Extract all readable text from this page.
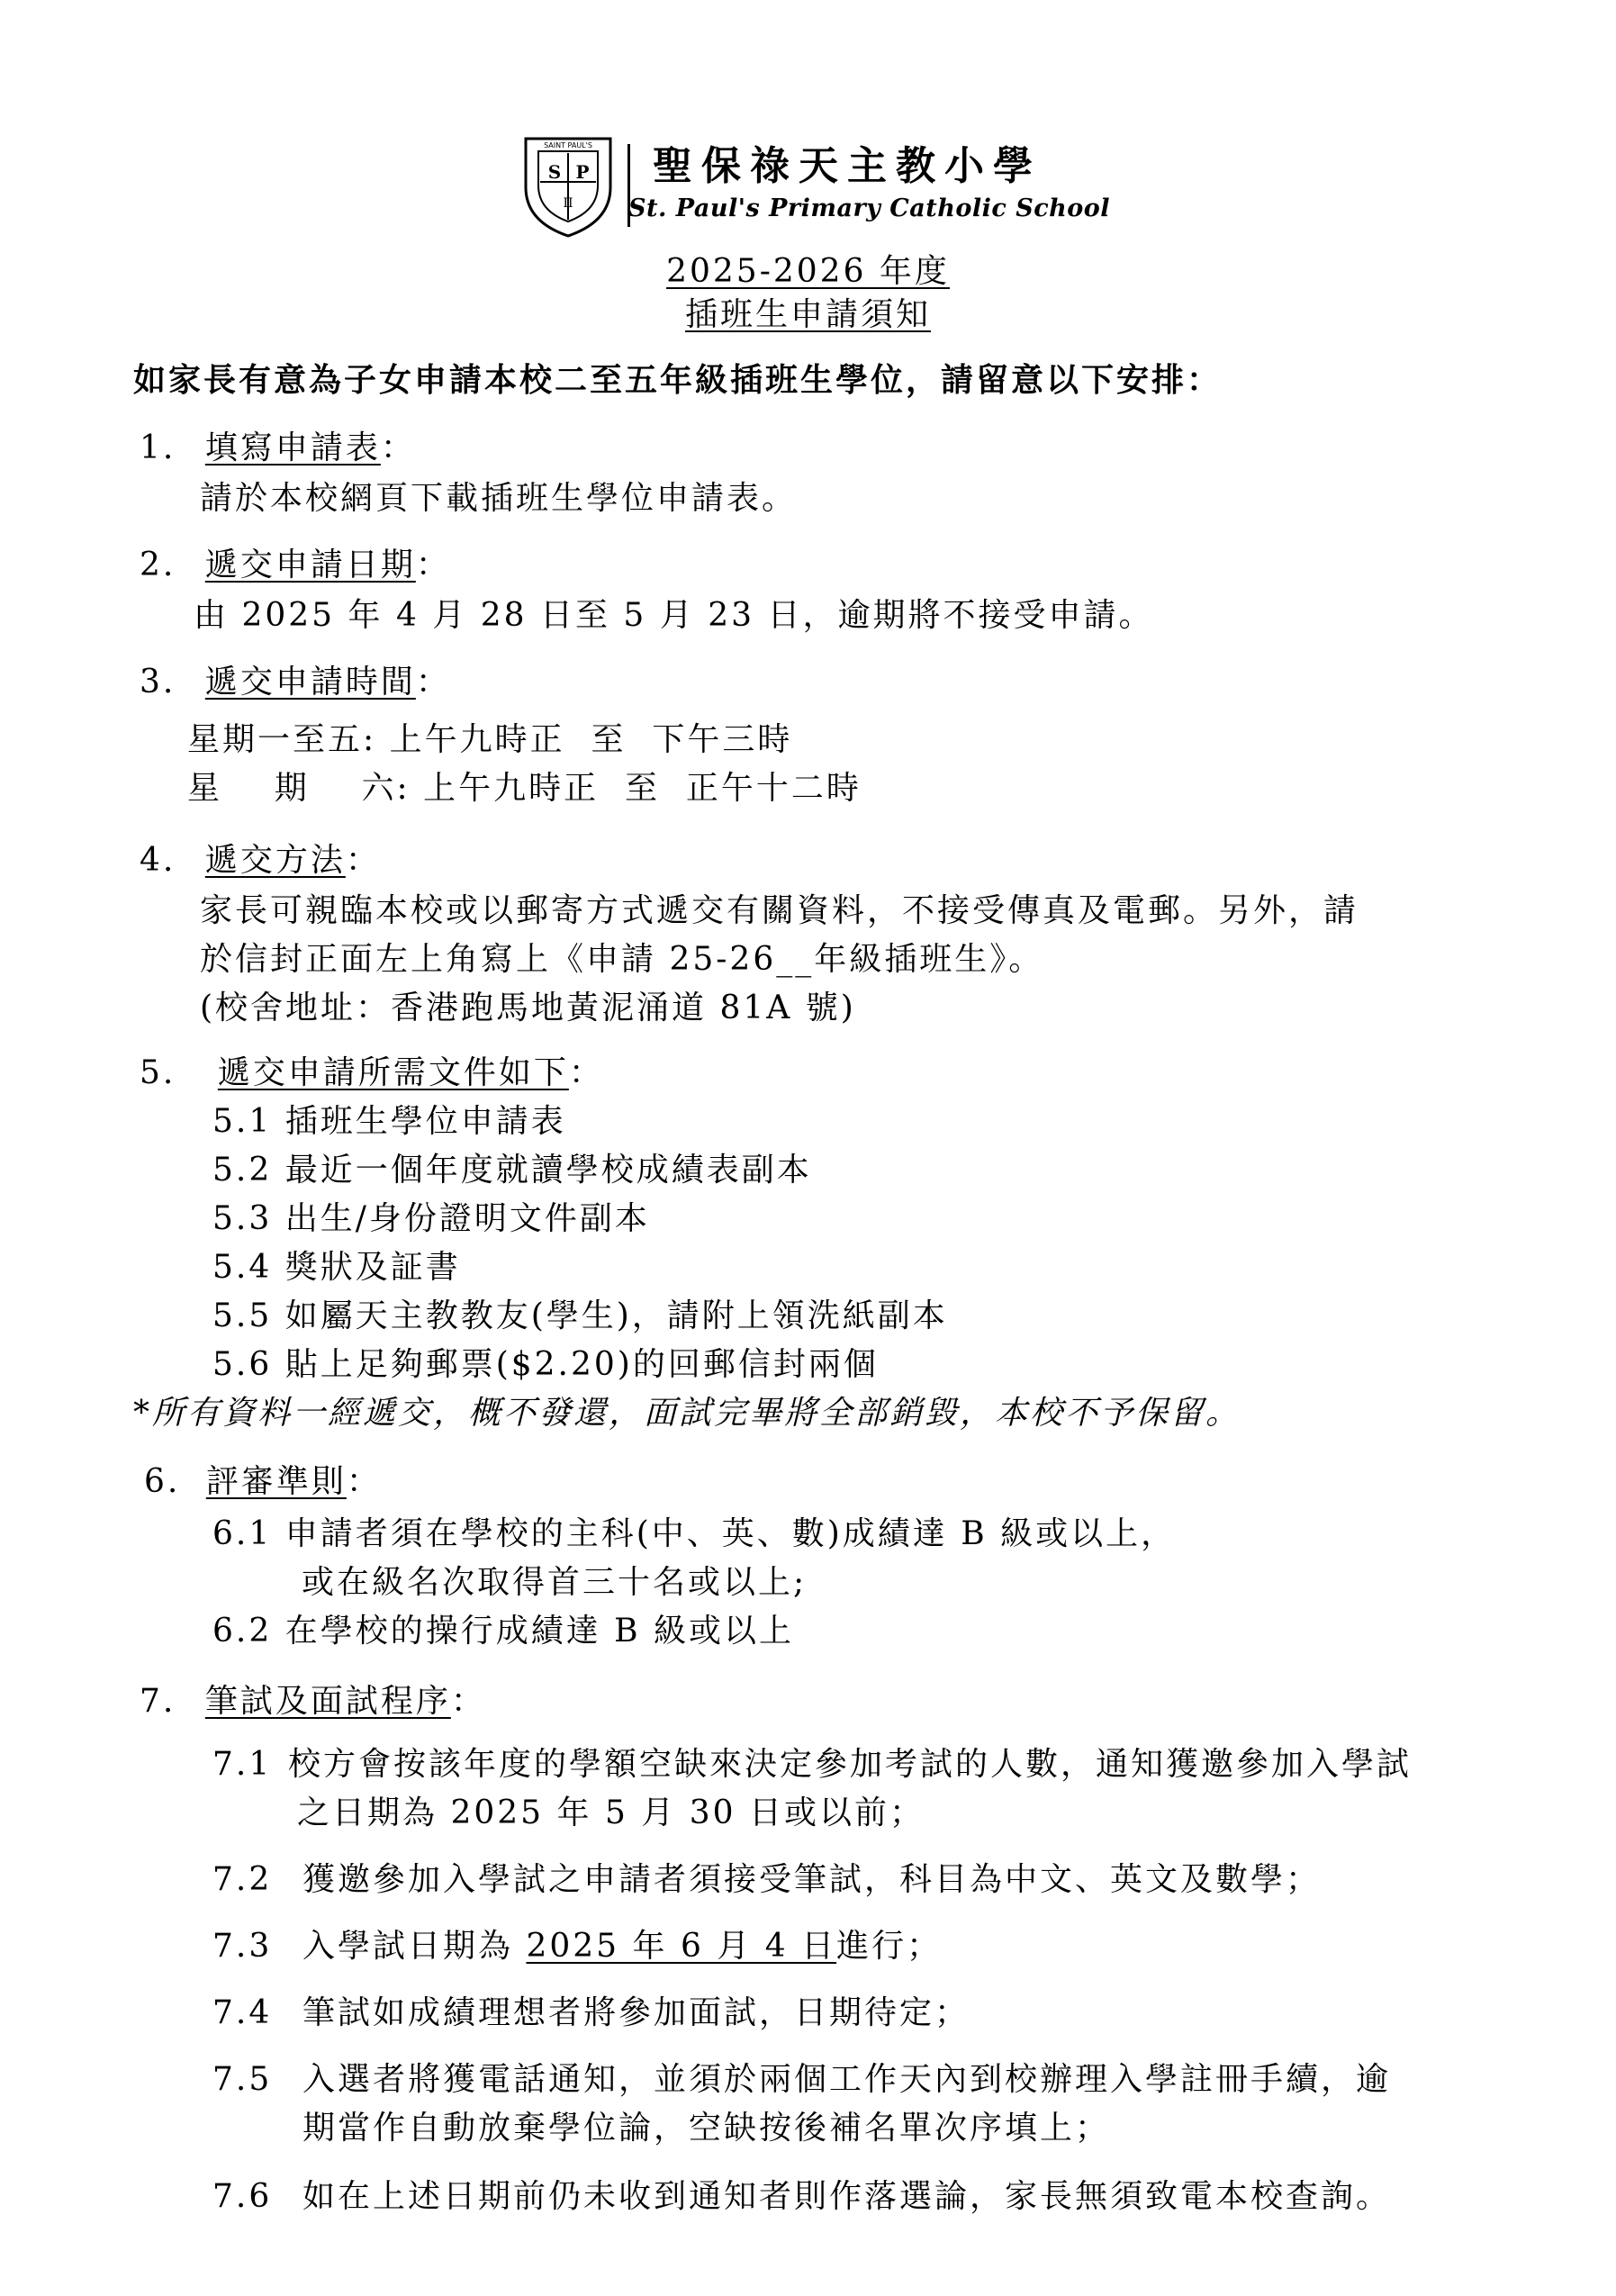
S P
II
SAINT PAUL'S 聖保祿天主教小學
St. Paul's Primary Catholic School
2025-2026 年度
插班生申請須知
如家長有意為子女申請本校二至五年級插班生學位，請留意以下安排：
1. 填寫申請表：
請於本校網頁下載插班生學位申請表。
2. 遞交申請日期：
由 2025 年 4 月 28 日至 5 月 23 日，逾期將不接受申請。
3. 遞交申請時間：
星期一至五: 上午九時正  至  下午三時
星    期    六: 上午九時正  至  正午十二時
4. 遞交方法：
家長可親臨本校或以郵寄方式遞交有關資料，不接受傳真及電郵。另外，請
於信封正面左上角寫上《申請 25-26__年級插班生》。
(校舍地址：香港跑馬地黃泥涌道 81A 號)
5. 遞交申請所需文件如下：
5.1 插班生學位申請表
5.2 最近一個年度就讀學校成績表副本
5.3 出生/身份證明文件副本
5.4 獎狀及証書
5.5 如屬天主教教友(學生)，請附上領洗紙副本
5.6 貼上足夠郵票($2.20)的回郵信封兩個
*所有資料一經遞交，概不發還，面試完畢將全部銷毀，本校不予保留。
6. 評審準則：
6.1 申請者須在學校的主科(中、英、數)成績達 B 級或以上，
或在級名次取得首三十名或以上;
6.2 在學校的操行成績達 B 級或以上
7. 筆試及面試程序：
7.1 校方會按該年度的學額空缺來決定參加考試的人數，通知獲邀參加入學試
之日期為 2025 年 5 月 30 日或以前；
7.2 獲邀參加入學試之申請者須接受筆試，科目為中文、英文及數學；
7.3 入學試日期為 2025 年 6 月 4 日進行；
7.4 筆試如成績理想者將參加面試，日期待定；
7.5 入選者將獲電話通知，並須於兩個工作天內到校辦理入學註冊手續，逾
期當作自動放棄學位論，空缺按後補名單次序填上；
7.6 如在上述日期前仍未收到通知者則作落選論，家長無須致電本校查詢。
